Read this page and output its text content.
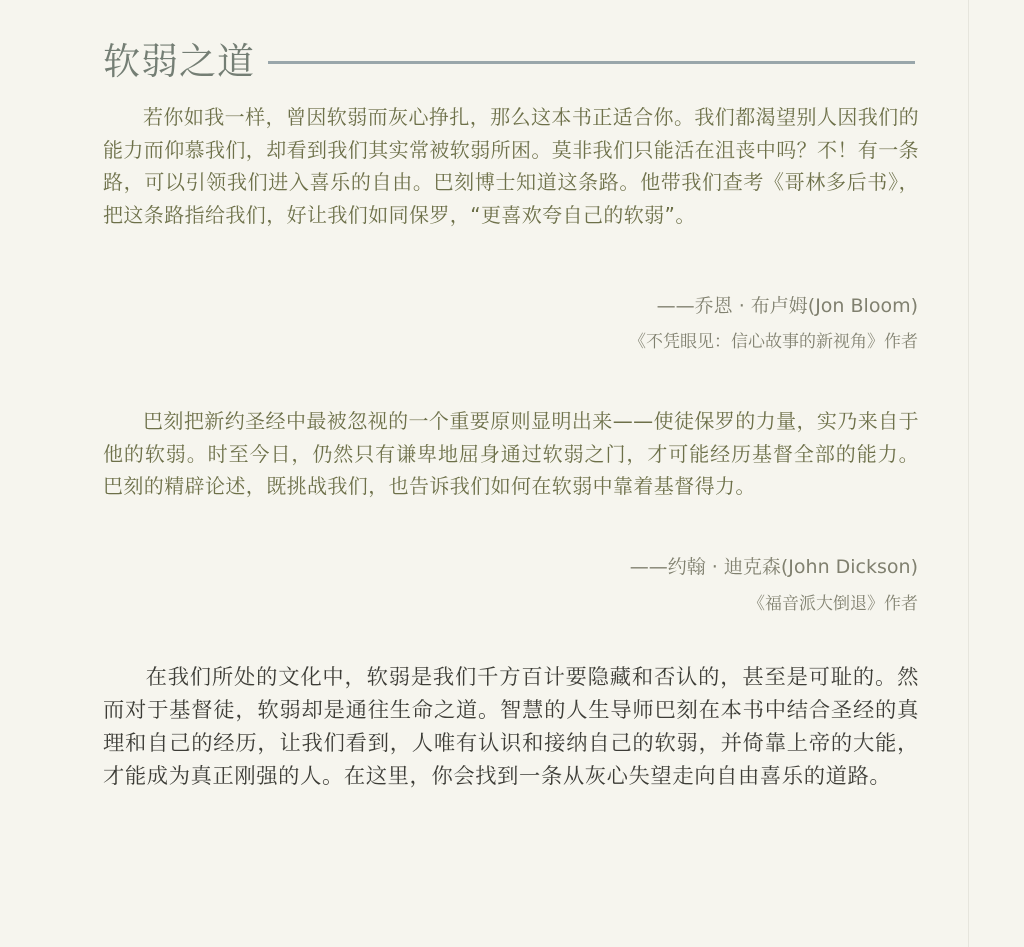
软弱之道

若你如我一样，曾因软弱而灰心挣扎，那么这本书正适合你。我们都渴望别人因我们的能力而仰慕我们，却看到我们其实常被软弱所困。莫非我们只能活在沮丧中吗？不！有一条路，可以引领我们进入喜乐的自由。巴刻博士知道这条路。他带我们查考《哥林多后书》，把这条路指给我们，好让我们如同保罗，“更喜欢夸自己的软弱”。

——乔恩 · 布卢姆(Jon Bloom)

《不凭眼见：信心故事的新视角》作者

巴刻把新约圣经中最被忽视的一个重要原则显明出来——使徒保罗的力量，实乃来自于他的软弱。时至今日，仍然只有谦卑地屈身通过软弱之门，才可能经历基督全部的能力。 巴刻的精辟论述，既挑战我们，也告诉我们如何在软弱中靠着基督得力。

——约翰 · 迪克森(John Dickson)

《福音派大倒退》作者

在我们所处的文化中，软弱是我们千方百计要隐藏和否认的，甚至是可耻的。然而对于基督徒，软弱却是通往生命之道。智慧的人生导师巴刻在本书中结合圣经的真理和自己的经历，让我们看到，人唯有认识和接纳自己的软弱，并倚靠上帝的大能，才能成为真正刚强的人。在这里，你会找到一条从灰心失望走向自由喜乐的道路。
